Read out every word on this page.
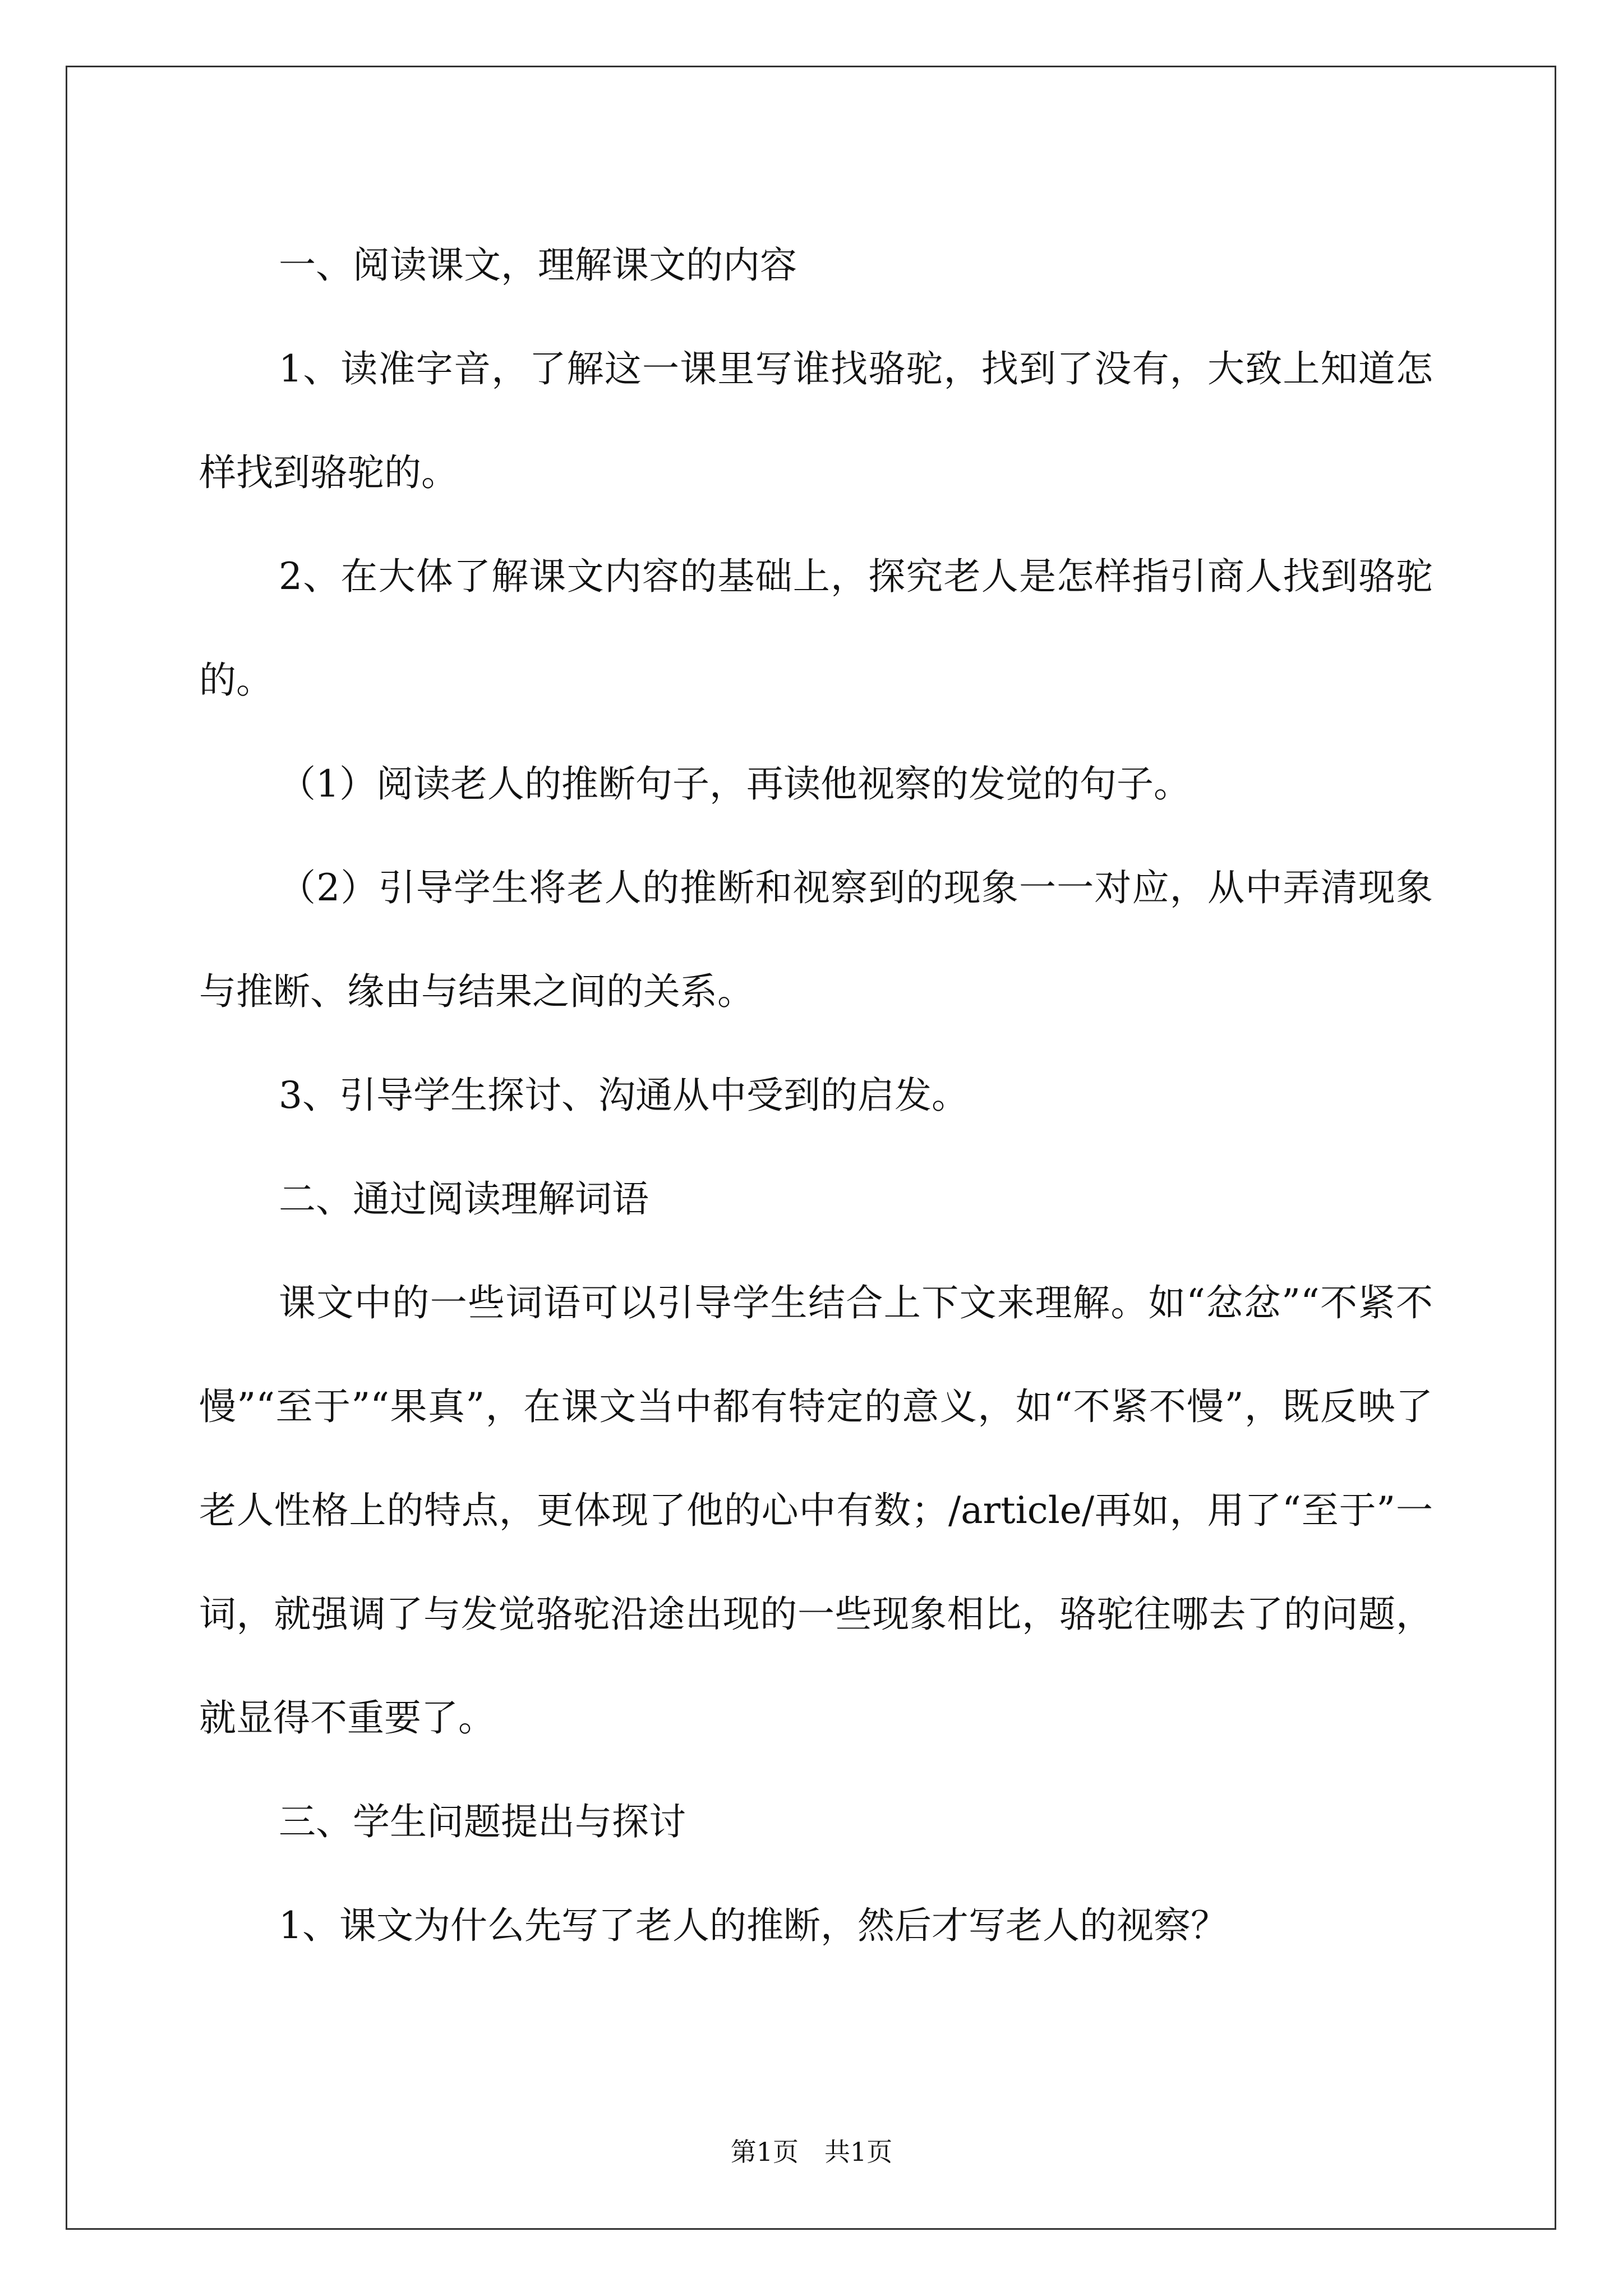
一、阅读课文，理解课文的内容

1、读准字音，了解这一课里写谁找骆驼，找到了没有，大致上知道怎样找到骆驼的。

2、在大体了解课文内容的基础上，探究老人是怎样指引商人找到骆驼的。

（1）阅读老人的推断句子，再读他视察的发觉的句子。

（2）引导学生将老人的推断和视察到的现象一一对应，从中弄清现象与推断、缘由与结果之间的关系。

3、引导学生探讨、沟通从中受到的启发。

二、通过阅读理解词语

课文中的一些词语可以引导学生结合上下文来理解。如“忿忿”“不紧不慢”“至于”“果真”，在课文当中都有特定的意义，如“不紧不慢”，既反映了老人性格上的特点，更体现了他的心中有数；/article/再如，用了“至于”一词，就强调了与发觉骆驼沿途出现的一些现象相比，骆驼往哪去了的问题，就显得不重要了。

三、学生问题提出与探讨

1、课文为什么先写了老人的推断，然后才写老人的视察？

第1页　共1页
